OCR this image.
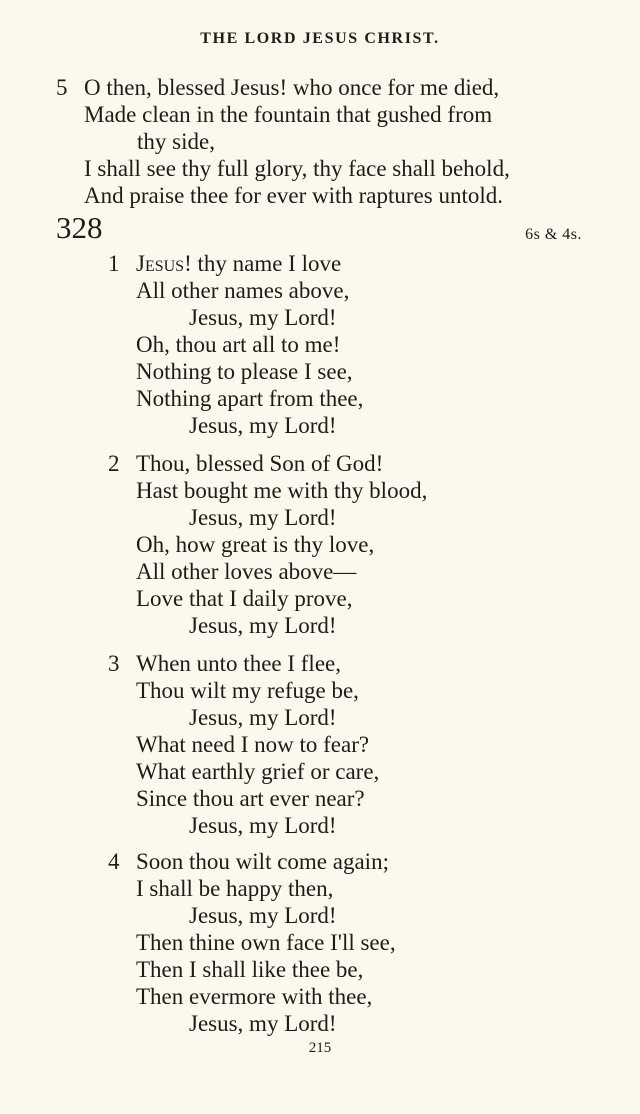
THE LORD JESUS CHRIST.
5 O then, blessed Jesus! who once for me died,
Made clean in the fountain that gushed from
thy side,
I shall see thy full glory, thy face shall behold,
And praise thee for ever with raptures untold.
328	6s & 4s.
1 Jesus! thy name I love
All other names above,
Jesus, my Lord!
Oh, thou art all to me!
Nothing to please I see,
Nothing apart from thee,
Jesus, my Lord!
2 Thou, blessed Son of God!
Hast bought me with thy blood,
Jesus, my Lord!
Oh, how great is thy love,
All other loves above—
Love that I daily prove,
Jesus, my Lord!
3 When unto thee I flee,
Thou wilt my refuge be,
Jesus, my Lord!
What need I now to fear?
What earthly grief or care,
Since thou art ever near?
Jesus, my Lord!
4 Soon thou wilt come again;
I shall be happy then,
Jesus, my Lord!
Then thine own face I'll see,
Then I shall like thee be,
Then evermore with thee,
Jesus, my Lord!
215
